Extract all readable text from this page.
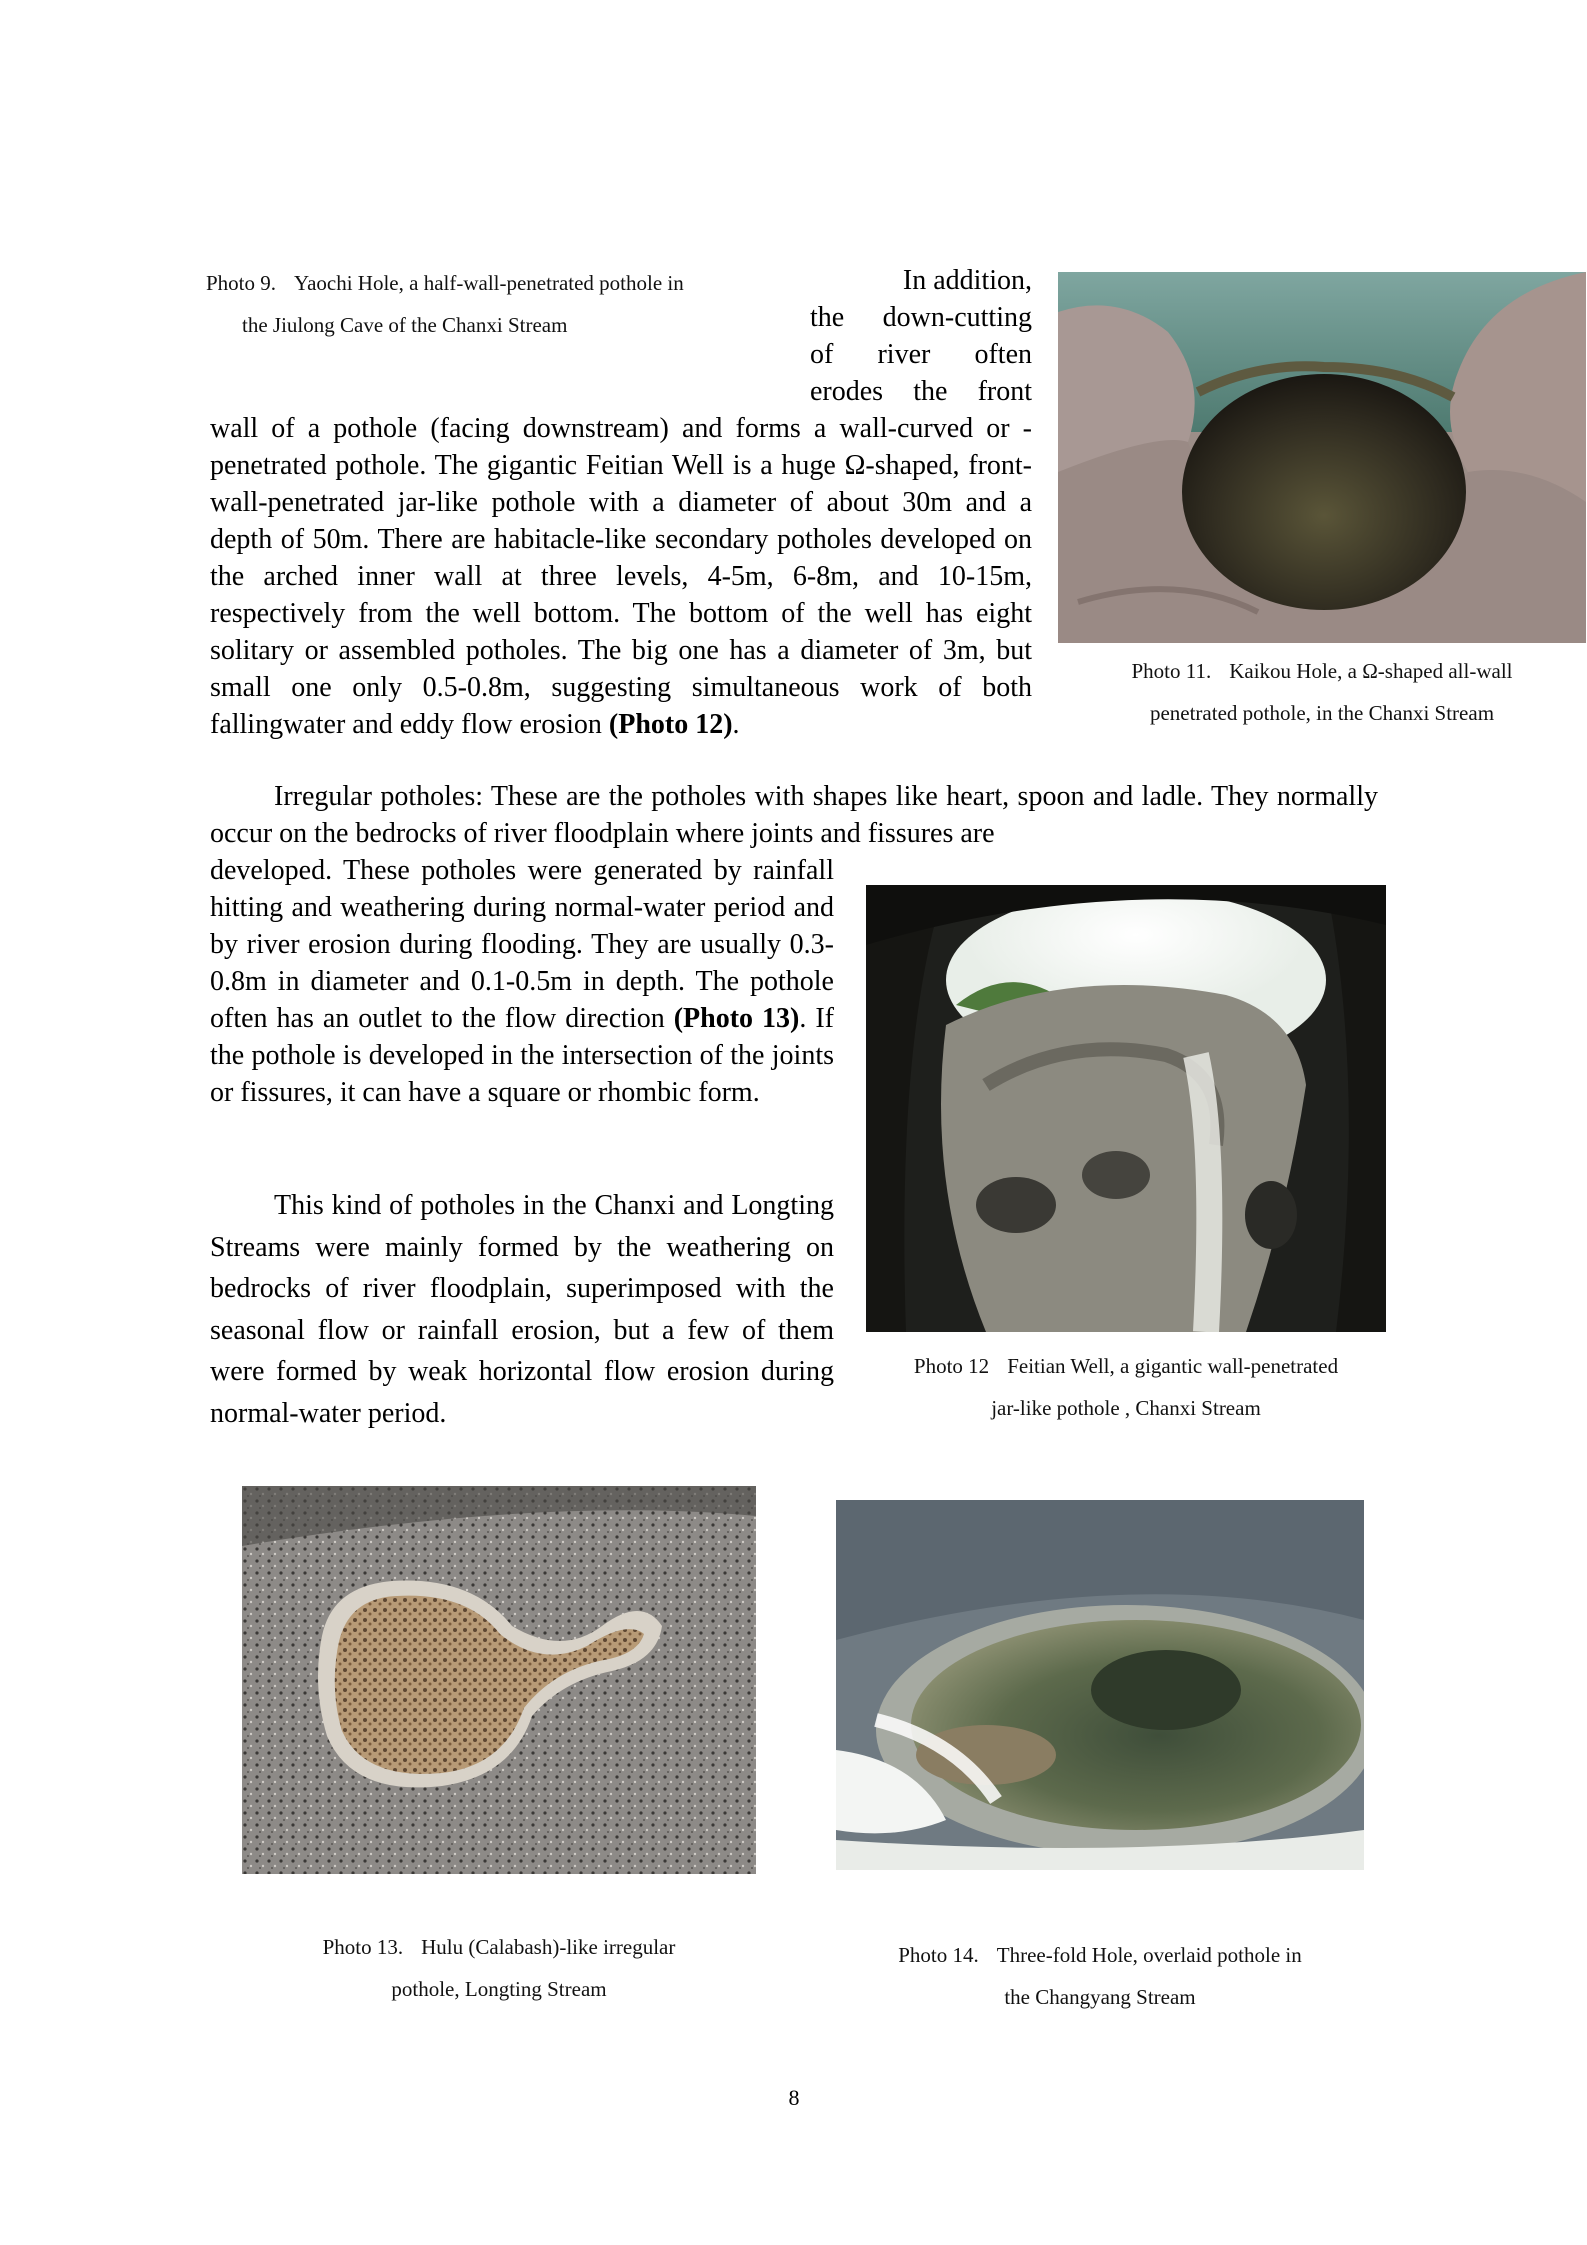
Photo 9. Yaochi Hole, a half-wall-penetrated pothole in
the Jiulong Cave of the Chanxi Stream

In addition,

the down-cutting

of river often

erodes the front

wall of a pothole (facing downstream) and forms a wall-curved or -penetrated pothole. The gigantic Feitian Well is a huge Ω-shaped, front-wall-penetrated jar-like pothole with a diameter of about 30m and a depth of 50m. There are habitacle-like secondary potholes developed on the arched inner wall at three levels, 4-5m, 6-8m, and 10-15m, respectively from the well bottom. The bottom of the well has eight solitary or assembled potholes. The big one has a diameter of 3m, but small one only 0.5-0.8m, suggesting simultaneous work of both fallingwater and eddy flow erosion (Photo 12).

Photo 11. Kaikou Hole, a Ω-shaped all-wall
penetrated pothole, in the Chanxi Stream

Irregular potholes: These are the potholes with shapes like heart, spoon and ladle. They normally occur on the bedrocks of river floodplain where joints and fissures are

developed. These potholes were generated by rainfall hitting and weathering during normal-water period and by river erosion during flooding. They are usually 0.3-0.8m in diameter and 0.1-0.5m in depth. The pothole often has an outlet to the flow direction (Photo 13). If the pothole is developed in the intersection of the joints or fissures, it can have a square or rhombic form.

This kind of potholes in the Chanxi and Longting Streams were mainly formed by the weathering on bedrocks of river floodplain, superimposed with the seasonal flow or rainfall erosion, but a few of them were formed by weak horizontal flow erosion during normal-water period.

Photo 12 Feitian Well, a gigantic wall-penetrated
jar-like pothole , Chanxi Stream
Photo 13. Hulu (Calabash)-like irregular
pothole, Longting Stream
Photo 14. Three-fold Hole, overlaid pothole in
the Changyang Stream
8
